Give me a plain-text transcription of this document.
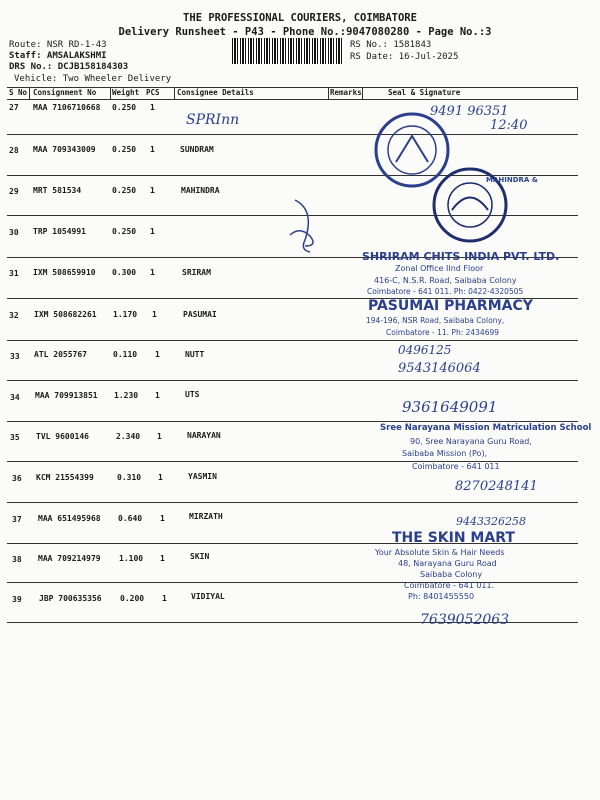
THE PROFESSIONAL COURIERS, COIMBATORE
Delivery Runsheet - P43 - Phone No.:9047080280 - Page No.:3
Route: NSR RD-1-43
Staff: AMSALAKSHMI
DRS No.: DCJB158184303
Vehicle: Two Wheeler Delivery
RS No.: 1581843
RS Date: 16-Jul-2025
S No Consignment No Weight PCS Consignee Details	Remarks	Seal & Signature
27 MAA 7106710668 0.250 1
28 MAA 709343009 0.250 1	SUNDRAM
29 MRT 581534	0.250 1	MAHINDRA
30 TRP 1054991	0.250 1
31 IXM 508659910 0.300 1	SRIRAM
32 IXM 508682261 1.170 1	PASUMAI
33 ATL 2055767	0.110 1	NUTT
34 MAA 709913851 1.230 1	UTS
35 TVL 9600146	2.340 1	NARAYAN
36 KCM 21554399	0.310 1	YASMIN
37 MAA 651495968 0.640 1	MIRZATH
38 MAA 709214979 1.100 1	SKIN
39 JBP 700635356 0.200 1	VIDIYAL
MAHINDRA &
SHRIRAM CHITS INDIA PVT. LTD.
Zonal Office IInd Floor
416-C, N.S.R. Road, Saibaba Colony
Coimbatore - 641 011. Ph: 0422-4320505
PASUMAI PHARMACY
194-196, NSR Road, Saibaba Colony,
Coimbatore - 11. Ph: 2434699
Sree Narayana Mission Matriculation School
90, Sree Narayana Guru Road,
Saibaba Mission (Po),
Coimbatore - 641 011
THE SKIN MART
Your Absolute Skin & Hair Needs
48, Narayana Guru Road
Saibaba Colony
Coimbatore - 641 011.
Ph: 8401455550
SPRInn
9491 96351
12:40
0496125
9543146064
9361649091
8270248141
9443326258
7639052063
